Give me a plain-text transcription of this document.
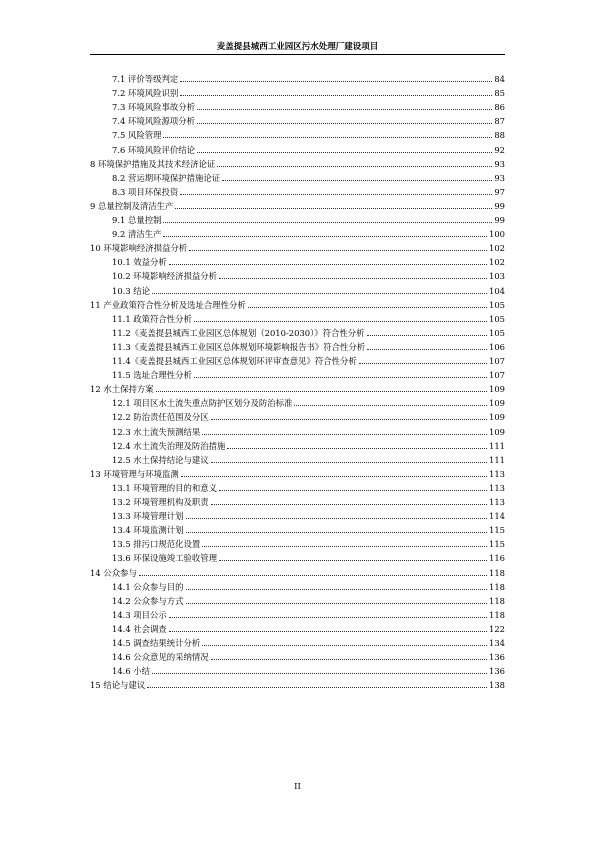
麦盖提县城西工业园区污水处理厂建设项目
7.1 评价等级判定	84
7.2 环境风险识别	85
7.3 环境风险事故分析	86
7.4 环境风险源项分析	87
7.5 风险管理	88
7.6 环境风险评价结论	92
8 环境保护措施及其技术经济论证	93
8.2 营运期环境保护措施论证	93
8.3 项目环保投资	97
9 总量控制及清洁生产	99
9.1 总量控制	99
9.2 清洁生产	100
10 环境影响经济损益分析	102
10.1 效益分析	102
10.2 环境影响经济损益分析	103
10.3 结论	104
11 产业政策符合性分析及选址合理性分析	105
11.1 政策符合性分析	105
11.2《麦盖提县城西工业园区总体规划（2010-2030）》符合性分析	105
11.3《麦盖提县城西工业园区总体规划环境影响报告书》符合性分析	106
11.4《麦盖提县城西工业园区总体规划环评审查意见》符合性分析	107
11.5 选址合理性分析	107
12 水土保持方案	109
12.1 项目区水土流失重点防护区划分及防治标准	109
12.2 防治责任范围及分区	109
12.3 水土流失预测结果	109
12.4 水土流失治理及防治措施	111
12.5 水土保持结论与建议	111
13 环境管理与环境监测	113
13.1 环境管理的目的和意义	113
13.2 环境管理机构及职责	113
13.3 环境管理计划	114
13.4 环境监测计划	115
13.5 排污口规范化设置	115
13.6 环保设施竣工验收管理	116
14 公众参与	118
14.1 公众参与目的	118
14.2 公众参与方式	118
14.3 项目公示	118
14.4 社会调查	122
14.5 调查结果统计分析	134
14.6 公众意见的采纳情况	136
14.6 小结	136
15 结论与建议	138
II
